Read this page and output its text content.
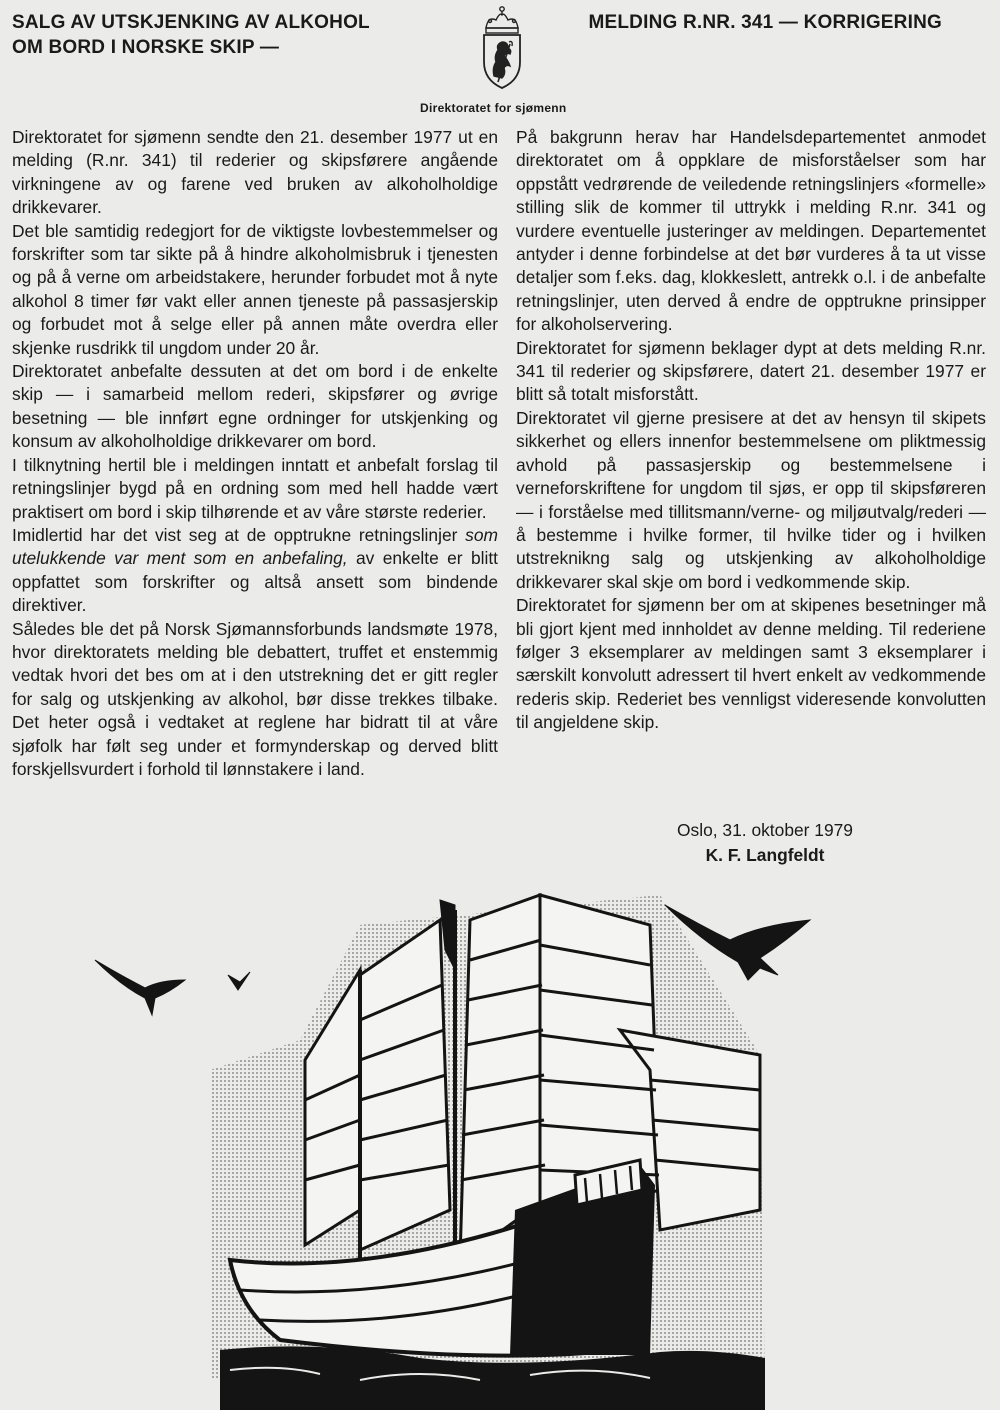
SALG AV UTSKJENKING AV ALKOHOL
OM BORD I NORSKE SKIP —
MELDING R.NR. 341 — KORRIGERING
Direktoratet for sjømenn

Direktoratet for sjømenn sendte den 21. desember 1977 ut en melding (R.nr. 341) til rederier og skipsførere angående virkningene av og farene ved bruken av alkoholholdige drikkevarer.

Det ble samtidig redegjort for de viktigste lovbestemmelser og forskrifter som tar sikte på å hindre alkoholmisbruk i tjenesten og på å verne om arbeidstakere, herunder forbudet mot å nyte alkohol 8 timer før vakt eller annen tjeneste på passasjerskip og forbudet mot å selge eller på annen måte overdra eller skjenke rusdrikk til ungdom under 20 år.

Direktoratet anbefalte dessuten at det om bord i de enkelte skip — i samarbeid mellom rederi, skipsfører og øvrige besetning — ble innført egne ordninger for utskjenking og konsum av alkoholholdige drikkevarer om bord.

I tilknytning hertil ble i meldingen inntatt et anbefalt forslag til retningslinjer bygd på en ordning som med hell hadde vært praktisert om bord i skip tilhørende et av våre største rederier.

Imidlertid har det vist seg at de opptrukne retningslinjer som utelukkende var ment som en anbefaling, av enkelte er blitt oppfattet som forskrifter og altså ansett som bindende direktiver.

Således ble det på Norsk Sjømannsforbunds landsmøte 1978, hvor direktoratets melding ble debattert, truffet et enstemmig vedtak hvori det bes om at i den utstrekning det er gitt regler for salg og utskjenking av alkohol, bør disse trekkes tilbake. Det heter også i vedtaket at reglene har bidratt til at våre sjøfolk har følt seg under et formynderskap og derved blitt forskjellsvurdert i forhold til lønnstakere i land.

På bakgrunn herav har Handelsdepartementet anmodet direktoratet om å oppklare de misforståelser som har oppstått vedrørende de veiledende retningslinjers «formelle» stilling slik de kommer til uttrykk i melding R.nr. 341 og vurdere eventuelle justeringer av meldingen. Departementet antyder i denne forbindelse at det bør vurderes å ta ut visse detaljer som f.eks. dag, klokkeslett, antrekk o.l. i de anbefalte retningslinjer, uten derved å endre de opptrukne prinsipper for alkoholservering.

Direktoratet for sjømenn beklager dypt at dets melding R.nr. 341 til rederier og skipsførere, datert 21. desember 1977 er blitt så totalt misforstått.

Direktoratet vil gjerne presisere at det av hensyn til skipets sikkerhet og ellers innenfor bestemmelsene om pliktmessig avhold på passasjerskip og bestemmelsene i verneforskriftene for ungdom til sjøs, er opp til skipsføreren — i forståelse med tillitsmann/verne- og miljøutvalg/rederi — å bestemme i hvilke former, til hvilke tider og i hvilken utstreknikng salg og utskjenking av alkoholholdige drikkevarer skal skje om bord i vedkommende skip.

Direktoratet for sjømenn ber om at skipenes besetninger må bli gjort kjent med innholdet av denne melding. Til rederiene følger 3 eksemplarer av meldingen samt 3 eksemplarer i særskilt konvolutt adressert til hvert enkelt av vedkommende rederis skip. Rederiet bes vennligst videresende konvolutten til angjeldene skip.

Oslo, 31. oktober 1979
K. F. Langfeldt
